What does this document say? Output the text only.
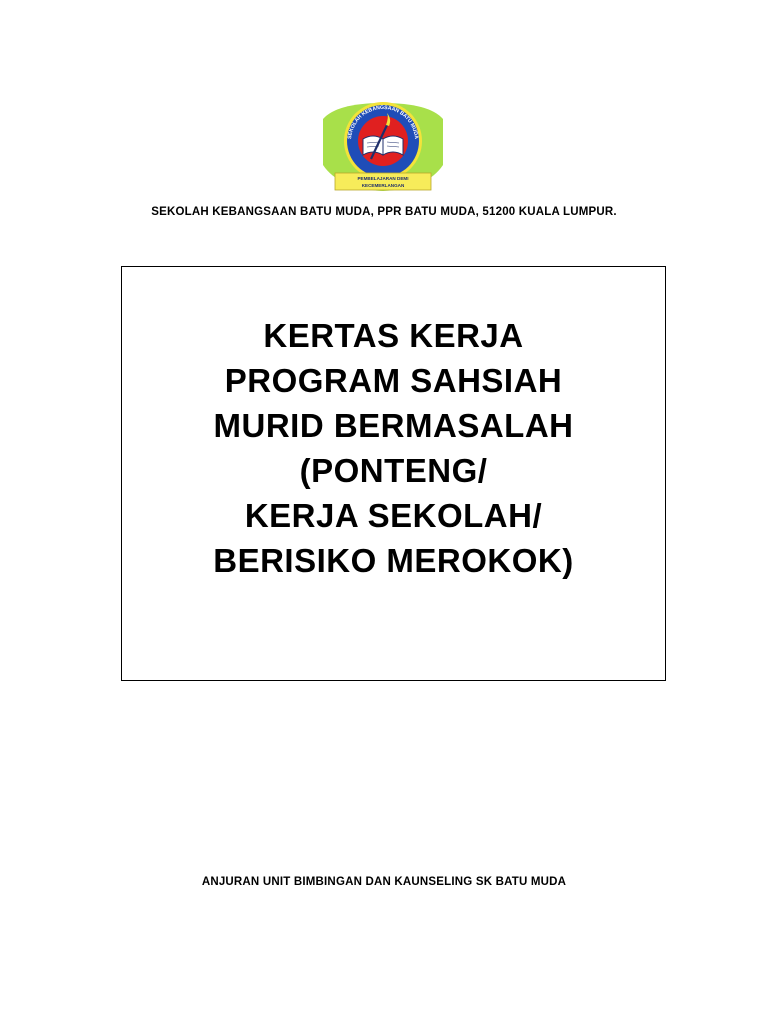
SEKOLAH KEBANGSAAN BATU MUDA
PEMBELAJARAN DEMI
KECEMERLANGAN
SEKOLAH KEBANGSAAN BATU MUDA, PPR BATU MUDA, 51200 KUALA LUMPUR.
KERTAS KERJA
PROGRAM SAHSIAH
MURID BERMASALAH
(PONTENG/
KERJA SEKOLAH/
BERISIKO MEROKOK)
ANJURAN UNIT BIMBINGAN DAN KAUNSELING SK BATU MUDA
